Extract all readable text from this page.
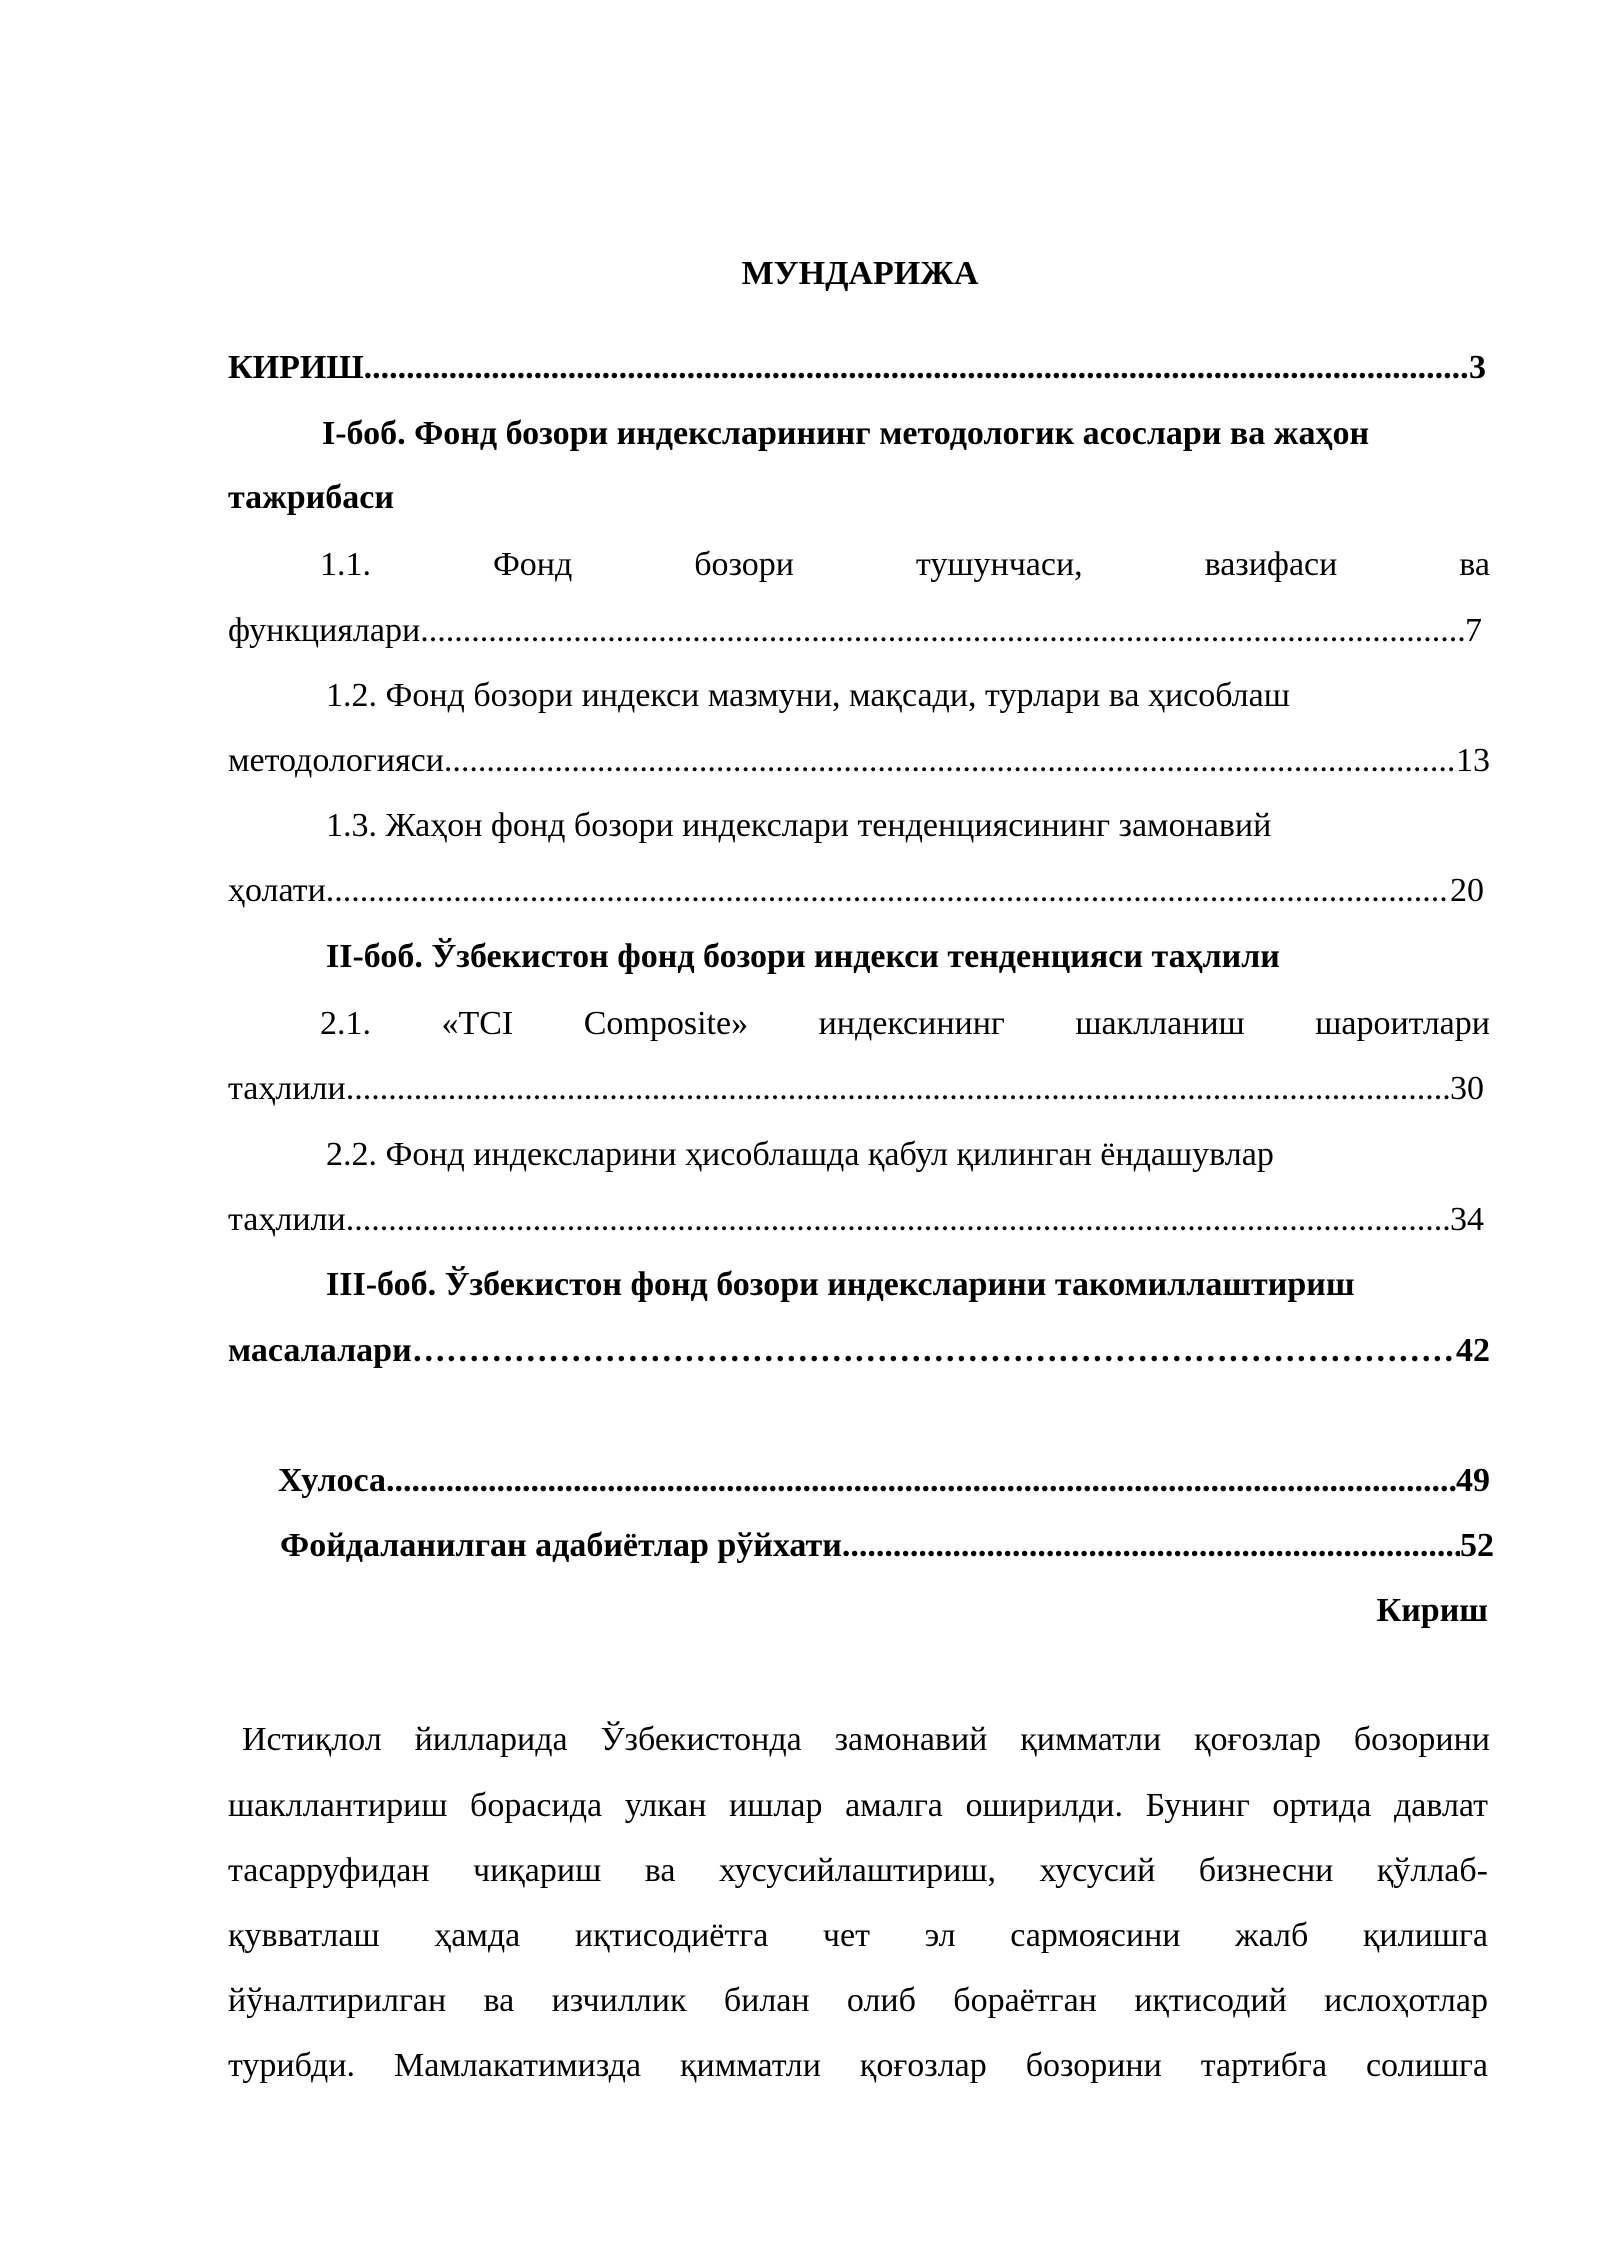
МУНДАРИЖА
КИРИШ .....	3
I-боб. Фонд бозори индексларининг методологик асослари ва жаҳон
тажрибаси
1.1.	Фонд	бозори	тушунчаси,	вазифаси	ва
функциялари .....	7
1.2. Фонд бозори индекси мазмуни, мақсади, турлари ва ҳисоблаш
методологияси .....	13
1.3. Жаҳон фонд бозори индекслари тенденциясининг замонавий
ҳолати .....	20
II-боб. Ўзбекистон фонд бозори индекси тенденцияси таҳлили
2.1. «TCI Composite» индексининг шаклланиш шароитлари
таҳлили .....	30
2.2. Фонд индексларини ҳисоблашда қабул қилинган ёндашувлар
таҳлили .....	34
III-боб. Ўзбекистон фонд бозори индексларини такомиллаштириш
масалалари …………………………………………………………………………………………………………………………………………………………………………	42
Хулоса .....	49
Фойдаланилган адабиётлар рўйхати .....	52
Кириш
Истиқлол йилларида Ўзбекистонда замонавий қимматли қоғозлар бозорини
шакллантириш борасида улкан ишлар амалга оширилди. Бунинг ортида давлат
тасарруфидан чиқариш ва хусусийлаштириш, хусусий бизнесни қўллаб-
қувватлаш ҳамда иқтисодиётга чет эл сармоясини жалб қилишга
йўналтирилган ва изчиллик билан олиб бораётган иқтисодий ислоҳотлар
турибди. Мамлакатимизда қимматли қоғозлар бозорини тартибга солишга
